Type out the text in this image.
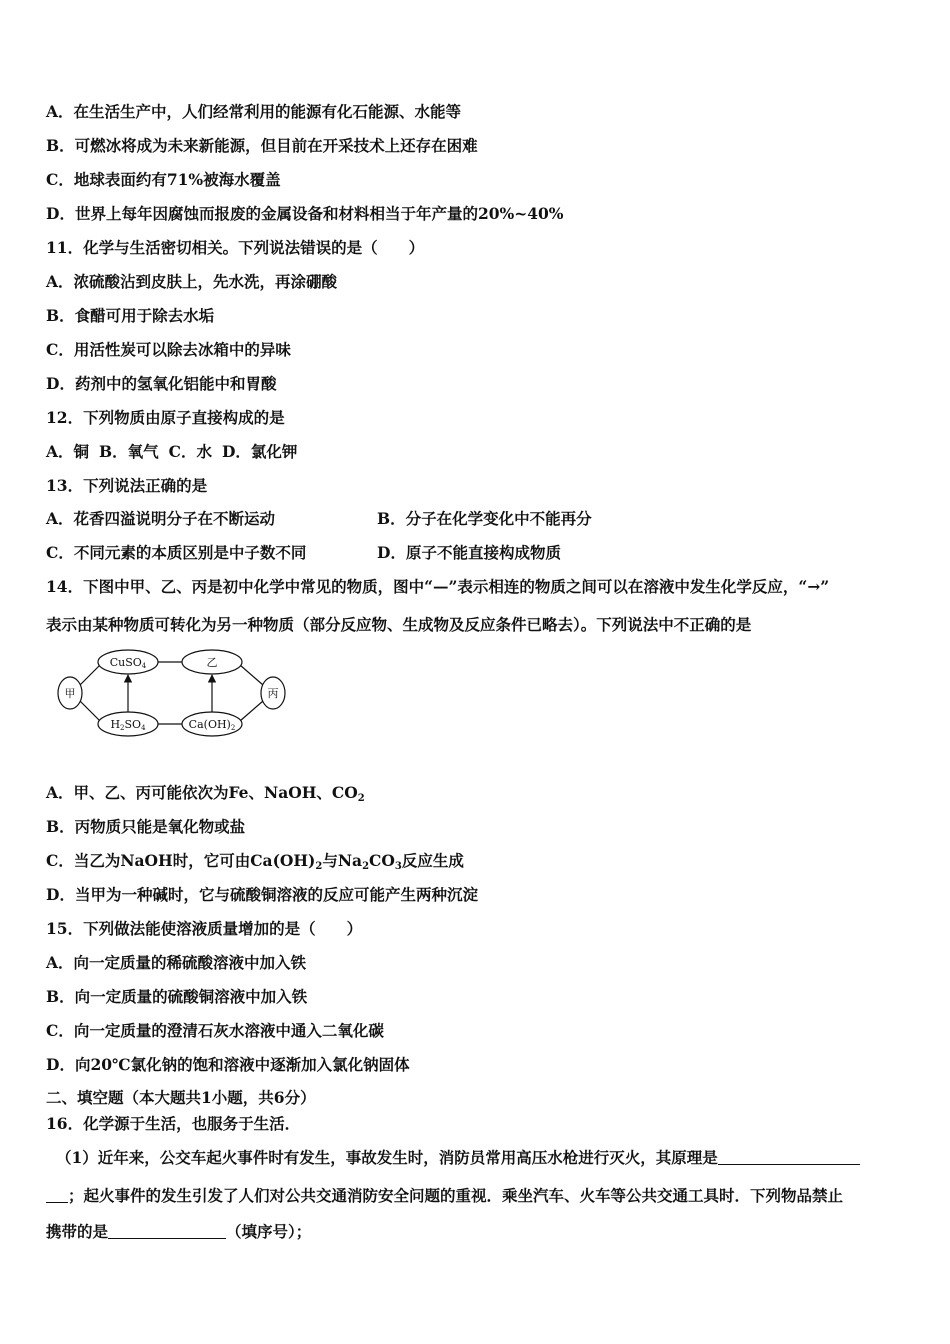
A．在生活生产中，人们经常利用的能源有化石能源、水能等
B．可燃冰将成为未来新能源，但目前在开采技术上还存在困难
C．地球表面约有71%被海水覆盖
D．世界上每年因腐蚀而报废的金属设备和材料相当于年产量的20%~40%
11．化学与生活密切相关。下列说法错误的是（　　）
A．浓硫酸沾到皮肤上，先水洗，再涂硼酸
B．食醋可用于除去水垢
C．用活性炭可以除去冰箱中的异味
D．药剂中的氢氧化铝能中和胃酸
12．下列物质由原子直接构成的是
A．铜 B．氧气 C．水 D．氯化钾
13．下列说法正确的是
A．花香四溢说明分子在不断运动	B．分子在化学变化中不能再分
C．不同元素的本质区别是中子数不同	D．原子不能直接构成物质
14．下图中甲、乙、丙是初中化学中常见的物质，图中“—”表示相连的物质之间可以在溶液中发生化学反应，“→”
表示由某种物质可转化为另一种物质（部分反应物、生成物及反应条件已略去）。下列说法中不正确的是
甲
CuSO4	乙
丙
H2SO4	Ca(OH)2
A．甲、乙、丙可能依次为Fe、NaOH、$CO_2$
B．丙物质只能是氧化物或盐
C．当乙为NaOH时，它可由$Ca(OH)_2$与$Na_2CO_3$反应生成
D．当甲为一种碱时，它与硫酸铜溶液的反应可能产生两种沉淀
15．下列做法能使溶液质量增加的是（　　）
A．向一定质量的稀硫酸溶液中加入铁
B．向一定质量的硫酸铜溶液中加入铁
C．向一定质量的澄清石灰水溶液中通入二氧化碳
D．向20℃氯化钠的饱和溶液中逐渐加入氯化钠固体
二、填空题（本大题共1小题，共6分）
16．化学源于生活，也服务于生活．
（1）近年来，公交车起火事件时有发生，事故发生时，消防员常用高压水枪进行灭火，其原理是
；起火事件的发生引发了人们对公共交通消防安全问题的重视．乘坐汽车、火车等公共交通工具时．下列物品禁止
携带的是	（填序号）；
